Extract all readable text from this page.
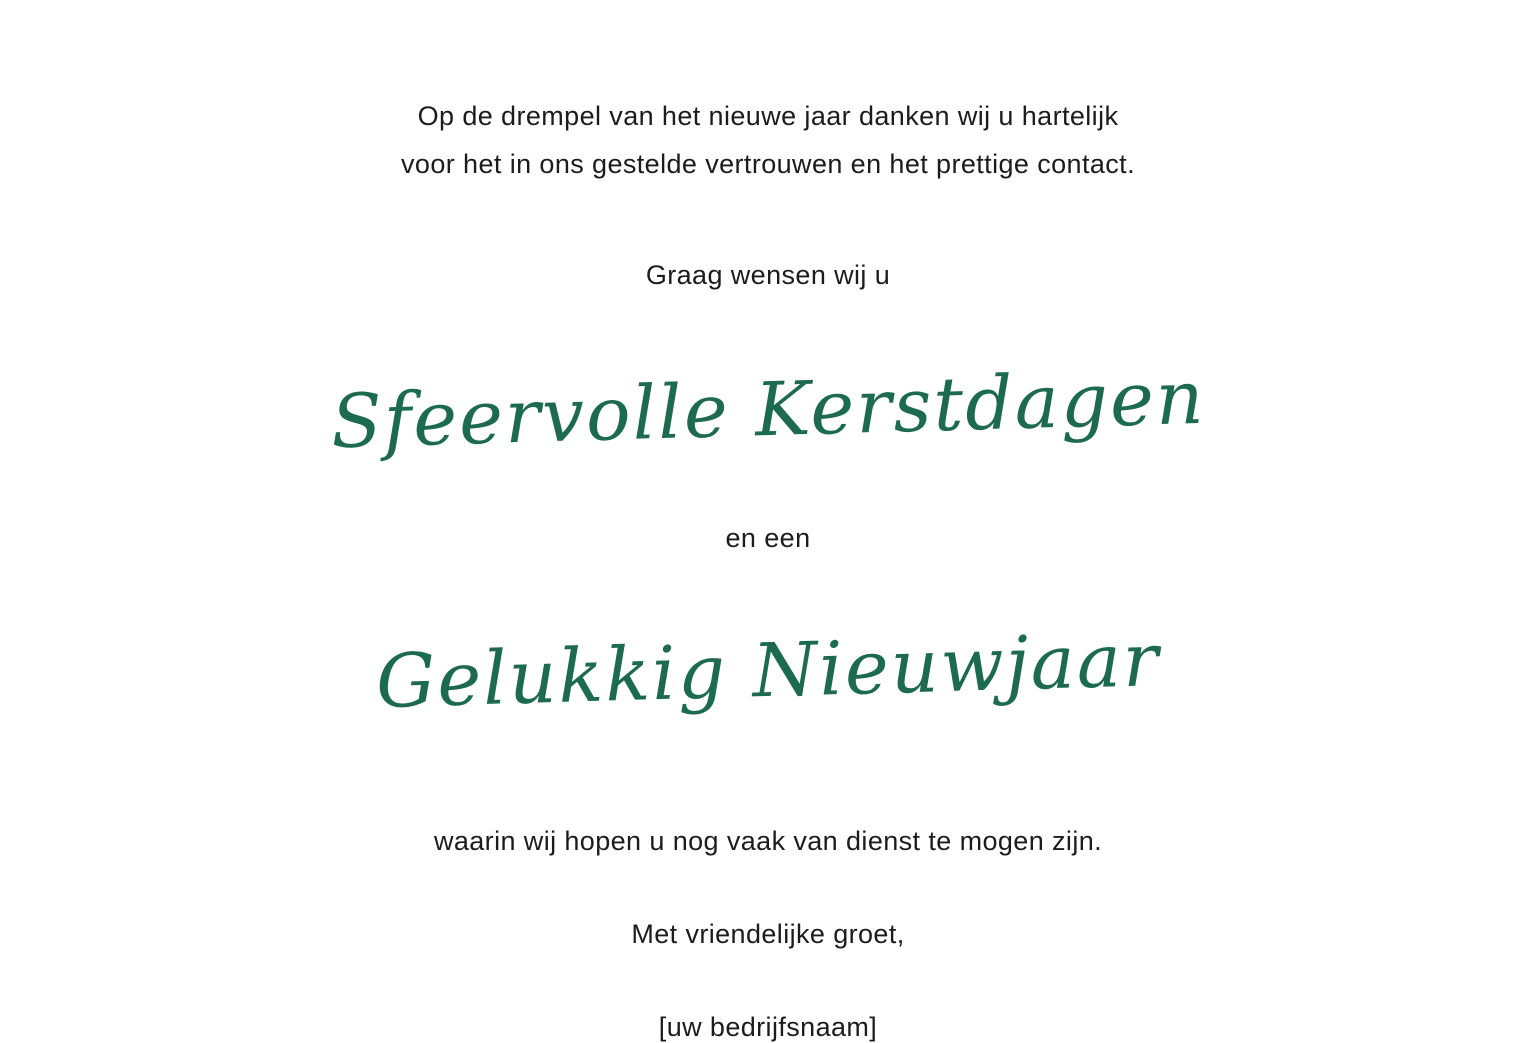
Op de drempel van het nieuwe jaar danken wij u hartelijk
voor het in ons gestelde vertrouwen en het prettige contact.
Graag wensen wij u
Sfeervolle Kerstdagen
en een
Gelukkig Nieuwjaar
waarin wij hopen u nog vaak van dienst te mogen zijn.
Met vriendelijke groet,
[uw bedrijfsnaam]
